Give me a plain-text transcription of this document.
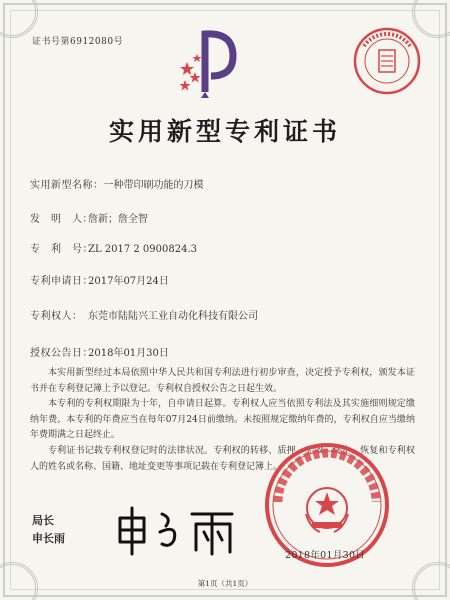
证书号第6912080号
实用新型专利证书
实用新型名称：一种带印刷功能的刀模
发　明　人：詹新；詹全智
专　利　号：ZL 2017 2 0900824.3
专利申请日：2017年07月24日
专利权人： 东莞市陆陆兴工业自动化科技有限公司
授权公告日：2018年01月30日

本实用新型经过本局依照中华人民共和国专利法进行初步审查，决定授予专利权，颁发本证书并在专利登记簿上予以登记。专利权自授权公告之日起生效。

本专利的专利权期限为十年，自申请日起算。专利权人应当依照专利法及其实施细则规定缴纳年费。本专利的年费应当在每年07月24日前缴纳。未按照规定缴纳年费的，专利权自应当缴纳年费期满之日起终止。

专利证书记载专利权登记时的法律状况。专利权的转移、质押、无效、终止、恢复和专利权人的姓名或名称、国籍、地址变更等事项记载在专利登记簿上。

局长
申长雨
2018年01月30日
第1页（共1页）
